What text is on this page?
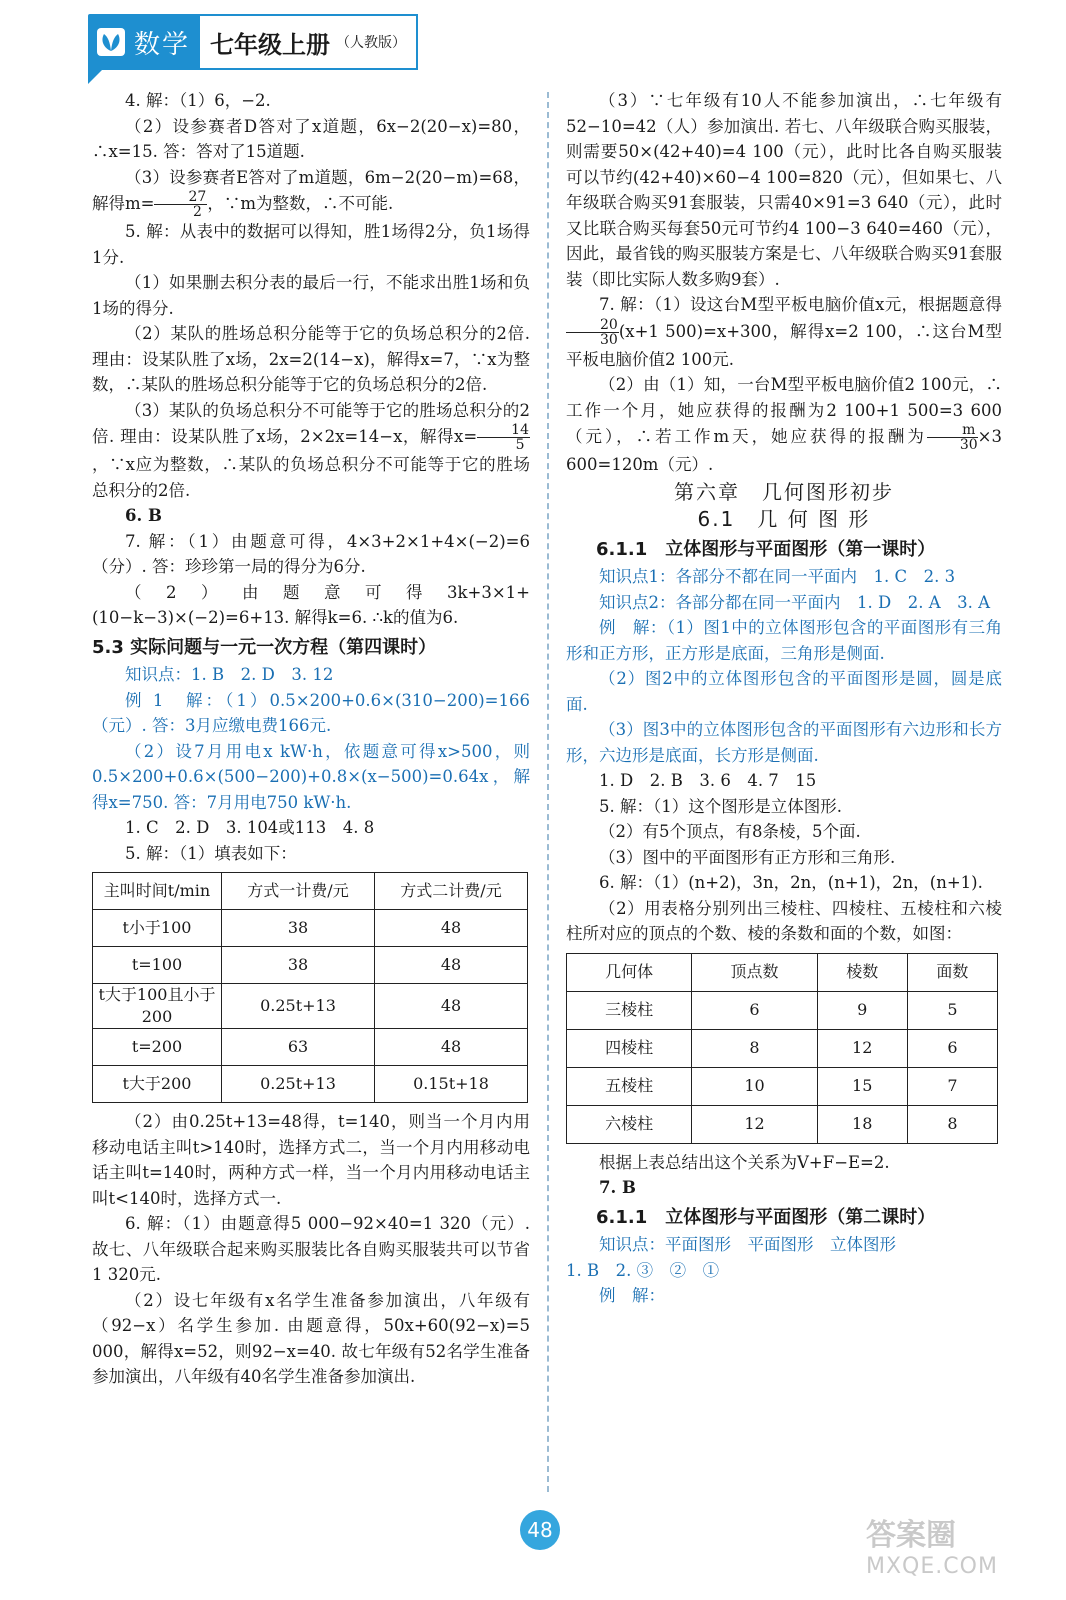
数学 七年级上册 （人教版）

4. 解：（1）6，−2.

（2）设参赛者D答对了x道题，6x−2(20−x)=80，∴x=15. 答：答对了15道题.

（3）设参赛者E答对了m道题，6m−2(20−m)=68，解得$m= \frac{27}{2}$ ，∵m为整数，∴不可能.

5. 解：从表中的数据可以得知，胜1场得2分，负1场得1分.

（1）如果删去积分表的最后一行，不能求出胜1场和负1场的得分.

（2）某队的胜场总积分能等于它的负场总积分的2倍. 理由：设某队胜了x场，2x=2(14−x)，解得x=7，∵x为整数，∴某队的胜场总积分能等于它的负场总积分的2倍.

（3）某队的负场总积分不可能等于它的胜场总积分的2倍. 理由：设某队胜了x场，2×2x=14−x，解得$x= \frac{14}{5}$
，∵x应为整数，∴某队的负场总积分不可能等于它的胜场总积分的2倍.

6. B

7. 解：（1）由题意可得，4×3+2×1+4×(−2)=6（分）. 答：珍珍第一局的得分为6分.

（2）由题意可得3k+3×1+(10−k−3)×(−2)=6+13. 解得k=6. ∴k的值为6.

5.3 实际问题与一元一次方程（第四课时）

知识点：1. B　2. D　3. 12

例 1　解：（1）0.5×200+0.6×(310−200)=166（元）. 答：3月应缴电费166元.

（2）设7月用电x kW·h，依题意可得x>500，则0.5×200+0.6×(500−200)+0.8×(x−500)=0.64x，解得x=750. 答：7月用电750 kW·h.

1. C　2. D　3. 104或113　4. 8

5. 解：（1）填表如下：

主叫时间t/min	方式一计费/元	方式二计费/元
t小于100	38	48
t=100	38	48
t大于100且小于200	0.25t+13	48
t=200	63	48
t大于200	0.25t+13	0.15t+18

（2）由0.25t+13=48得，t=140，则当一个月内用移动电话主叫t>140时，选择方式二，当一个月内用移动电话主叫t=140时，两种方式一样，当一个月内用移动电话主叫t<140时，选择方式一.

6. 解：（1）由题意得5 000−92×40=1 320（元）. 故七、八年级联合起来购买服装比各自购买服装共可以节省1 320元.

（2）设七年级有x名学生准备参加演出，八年级有（92−x）名学生参加. 由题意得，50x+60(92−x)=5 000，解得x=52，则92−x=40. 故七年级有52名学生准备参加演出，八年级有40名学生准备参加演出.

（3）∵七年级有10人不能参加演出，∴七年级有52−10=42（人）参加演出. 若七、八年级联合购买服装，则需要50×(42+40)=4 100（元），此时比各自购买服装可以节约(42+40)×60−4 100=820（元），但如果七、八年级联合购买91套服装，只需40×91=3 640（元），此时又比联合购买每套50元可节约4 100−3 640=460（元），因此，最省钱的购买服装方案是七、八年级联合购买91套服装（即比实际人数多购9套）.

7. 解：（1）设这台M型平板电脑价值x元，根据题意得
$\frac{20}{30} (x+1$ 500)=x+300，解得x=2 100，∴这台M型平板电脑价值2 100元.

（2）由（1）知，一台M型平板电脑价值2 100元，∴工作一个月，她应获得的报酬为2 100+1 500=3 600（元），∴若工作m天，她应获得的报酬为 $\frac{m}{30} \times 3$ 600=120m（元）.

第六章　几何图形初步
6.1　几 何 图 形
6.1.1　立体图形与平面图形（第一课时）

知识点1：各部分不都在同一平面内　1. C　2. 3

知识点2：各部分都在同一平面内　1. D　2. A　3. A

例　解：（1）图1中的立体图形包含的平面图形有三角形和正方形，正方形是底面，三角形是侧面.

（2）图2中的立体图形包含的平面图形是圆，圆是底面.

（3）图3中的立体图形包含的平面图形有六边形和长方形，六边形是底面，长方形是侧面.

1. D　2. B　3. 6　4. 7　15

5. 解：（1）这个图形是立体图形.

（2）有5个顶点，有8条棱，5个面.

（3）图中的平面图形有正方形和三角形.

6. 解：（1）(n+2)，3n，2n，(n+1)，2n，(n+1).

（2）用表格分别列出三棱柱、四棱柱、五棱柱和六棱柱所对应的顶点的个数、棱的条数和面的个数，如图：

几何体	顶点数	棱数	面数
三棱柱	6	9	5
四棱柱	8	12	6
五棱柱	10	15	7
六棱柱	12	18	8

根据上表总结出这个关系为V+F−E=2.

7. B

6.1.1　立体图形与平面图形（第二课时）

知识点：平面图形　平面图形　立体图形

1. B　2. ③　②　①

例　解：

48	答案圈
MXQE.COM
